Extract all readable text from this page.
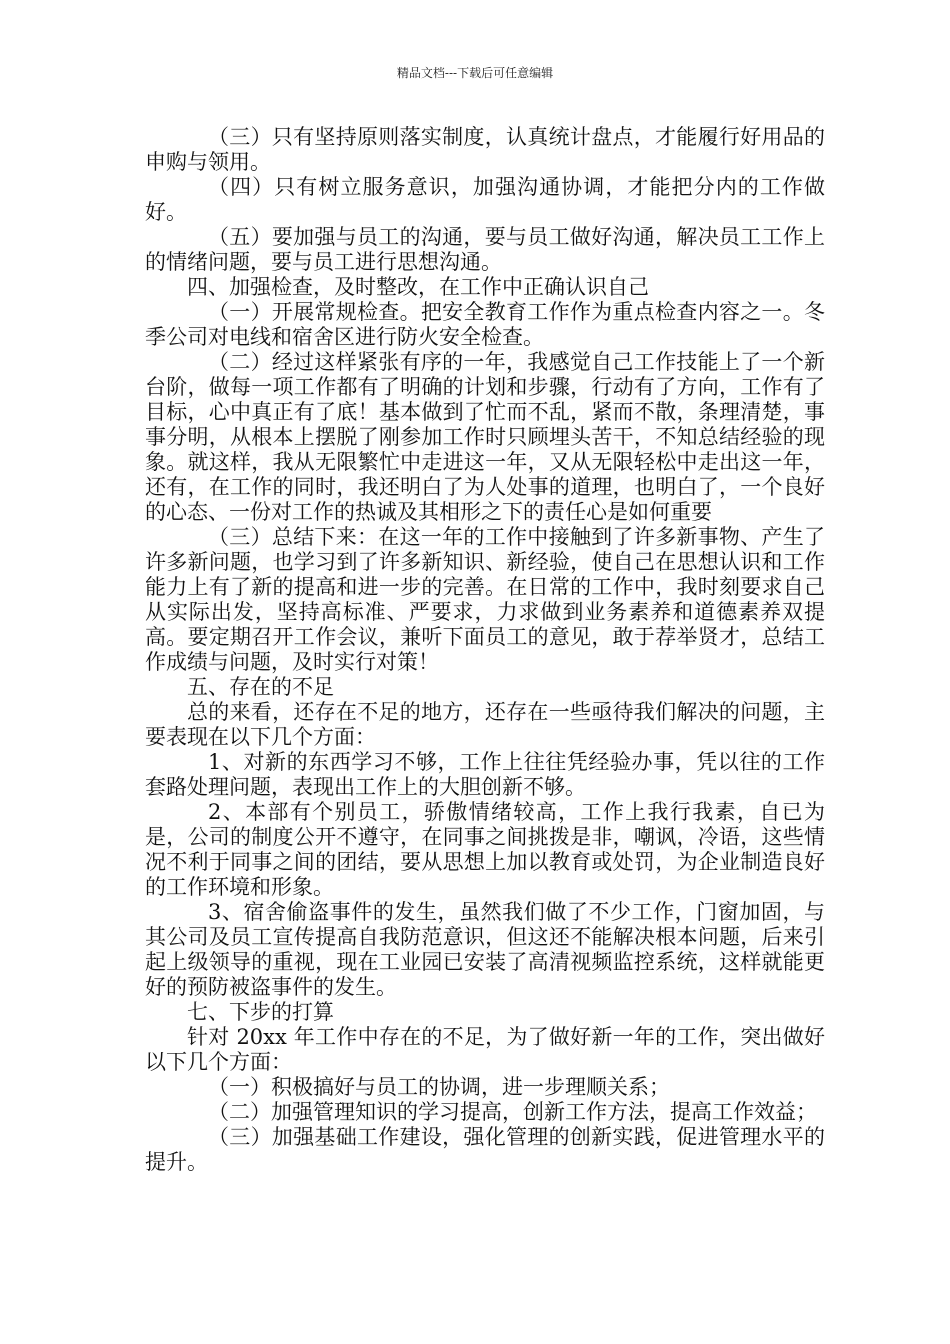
精品文档---下载后可任意编辑

（三）只有坚持原则落实制度，认真统计盘点，才能履行好用品的申购与领用。

（四）只有树立服务意识，加强沟通协调，才能把分内的工作做好。

（五）要加强与员工的沟通，要与员工做好沟通，解决员工工作上的情绪问题，要与员工进行思想沟通。

四、加强检查，及时整改，在工作中正确认识自己

（一）开展常规检查。把安全教育工作作为重点检查内容之一。冬季公司对电线和宿舍区进行防火安全检查。

（二）经过这样紧张有序的一年，我感觉自己工作技能上了一个新台阶，做每一项工作都有了明确的计划和步骤，行动有了方向，工作有了目标，心中真正有了底！基本做到了忙而不乱，紧而不散，条理清楚，事事分明，从根本上摆脱了刚参加工作时只顾埋头苦干，不知总结经验的现象。就这样，我从无限繁忙中走进这一年，又从无限轻松中走出这一年，还有，在工作的同时，我还明白了为人处事的道理，也明白了，一个良好的心态、一份对工作的热诚及其相形之下的责任心是如何重要

（三）总结下来：在这一年的工作中接触到了许多新事物、产生了许多新问题，也学习到了许多新知识、新经验，使自己在思想认识和工作能力上有了新的提高和进一步的完善。在日常的工作中，我时刻要求自己从实际出发，坚持高标准、严要求，力求做到业务素养和道德素养双提高。要定期召开工作会议，兼听下面员工的意见，敢于荐举贤才，总结工作成绩与问题，及时实行对策！

五、存在的不足

总的来看，还存在不足的地方，还存在一些亟待我们解决的问题，主要表现在以下几个方面：

1、对新的东西学习不够，工作上往往凭经验办事，凭以往的工作套路处理问题，表现出工作上的大胆创新不够。

2、本部有个别员工，骄傲情绪较高，工作上我行我素，自已为是，公司的制度公开不遵守，在同事之间挑拨是非，嘲讽，冷语，这些情况不利于同事之间的团结，要从思想上加以教育或处罚，为企业制造良好的工作环境和形象。

3、宿舍偷盗事件的发生，虽然我们做了不少工作，门窗加固，与其公司及员工宣传提高自我防范意识，但这还不能解决根本问题，后来引起上级领导的重视，现在工业园已安装了高清视频监控系统，这样就能更好的预防被盗事件的发生。

七、下步的打算

针对 20xx 年工作中存在的不足，为了做好新一年的工作，突出做好以下几个方面：

（一）积极搞好与员工的协调，进一步理顺关系；

（二）加强管理知识的学习提高，创新工作方法，提高工作效益；

（三）加强基础工作建设，强化管理的创新实践，促进管理水平的提升。
